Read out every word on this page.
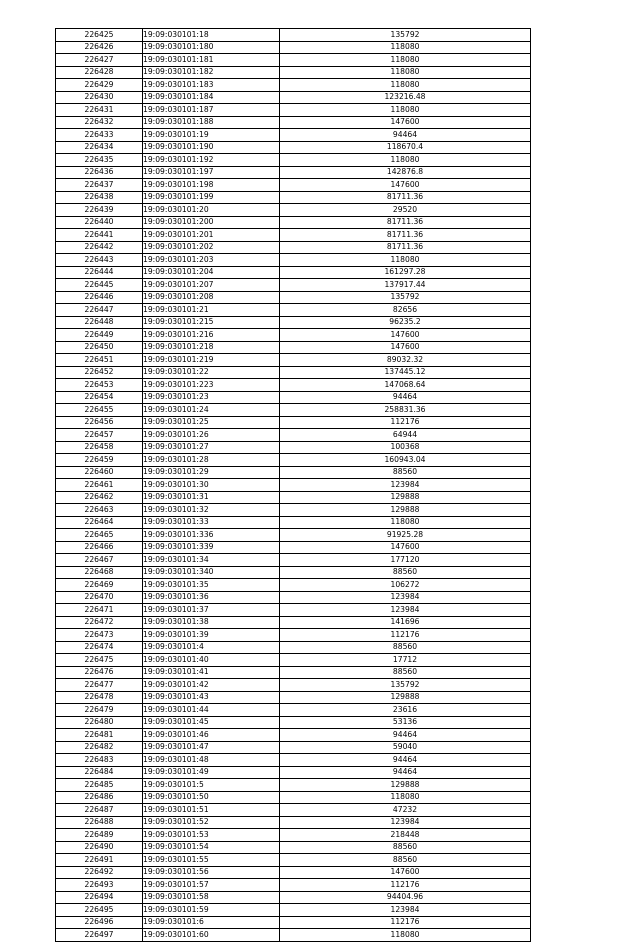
226425	19:09:030101:18	135792
226426	19:09:030101:180	118080
226427	19:09:030101:181	118080
226428	19:09:030101:182	118080
226429	19:09:030101:183	118080
226430	19:09:030101:184	123216.48
226431	19:09:030101:187	118080
226432	19:09:030101:188	147600
226433	19:09:030101:19	94464
226434	19:09:030101:190	118670.4
226435	19:09:030101:192	118080
226436	19:09:030101:197	142876.8
226437	19:09:030101:198	147600
226438	19:09:030101:199	81711.36
226439	19:09:030101:20	29520
226440	19:09:030101:200	81711.36
226441	19:09:030101:201	81711.36
226442	19:09:030101:202	81711.36
226443	19:09:030101:203	118080
226444	19:09:030101:204	161297.28
226445	19:09:030101:207	137917.44
226446	19:09:030101:208	135792
226447	19:09:030101:21	82656
226448	19:09:030101:215	96235.2
226449	19:09:030101:216	147600
226450	19:09:030101:218	147600
226451	19:09:030101:219	89032.32
226452	19:09:030101:22	137445.12
226453	19:09:030101:223	147068.64
226454	19:09:030101:23	94464
226455	19:09:030101:24	258831.36
226456	19:09:030101:25	112176
226457	19:09:030101:26	64944
226458	19:09:030101:27	100368
226459	19:09:030101:28	160943.04
226460	19:09:030101:29	88560
226461	19:09:030101:30	123984
226462	19:09:030101:31	129888
226463	19:09:030101:32	129888
226464	19:09:030101:33	118080
226465	19:09:030101:336	91925.28
226466	19:09:030101:339	147600
226467	19:09:030101:34	177120
226468	19:09:030101:340	88560
226469	19:09:030101:35	106272
226470	19:09:030101:36	123984
226471	19:09:030101:37	123984
226472	19:09:030101:38	141696
226473	19:09:030101:39	112176
226474	19:09:030101:4	88560
226475	19:09:030101:40	17712
226476	19:09:030101:41	88560
226477	19:09:030101:42	135792
226478	19:09:030101:43	129888
226479	19:09:030101:44	23616
226480	19:09:030101:45	53136
226481	19:09:030101:46	94464
226482	19:09:030101:47	59040
226483	19:09:030101:48	94464
226484	19:09:030101:49	94464
226485	19:09:030101:5	129888
226486	19:09:030101:50	118080
226487	19:09:030101:51	47232
226488	19:09:030101:52	123984
226489	19:09:030101:53	218448
226490	19:09:030101:54	88560
226491	19:09:030101:55	88560
226492	19:09:030101:56	147600
226493	19:09:030101:57	112176
226494	19:09:030101:58	94404.96
226495	19:09:030101:59	123984
226496	19:09:030101:6	112176
226497	19:09:030101:60	118080
